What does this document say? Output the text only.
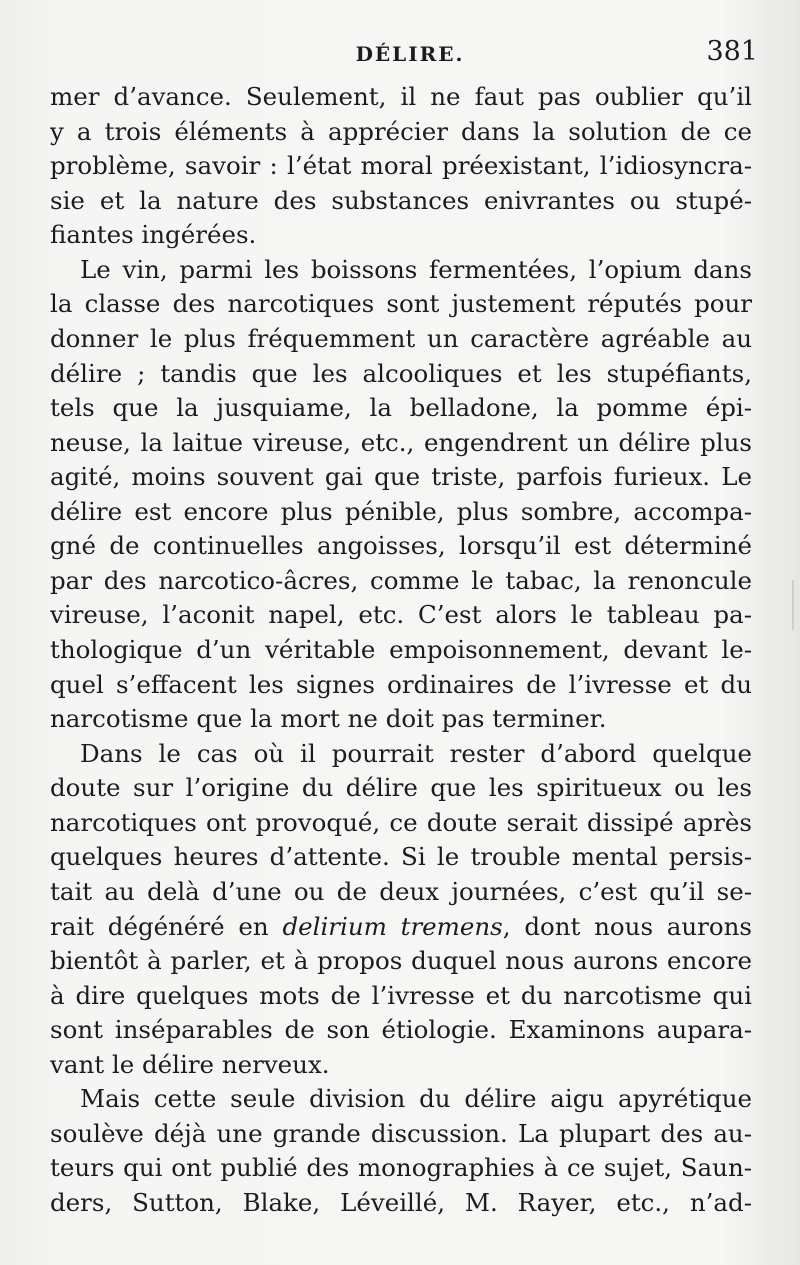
DÉLIRE.	381
mer d’avance. Seulement, il ne faut pas oublier qu’il
y a trois éléments à apprécier dans la solution de ce
problème, savoir : l’état moral préexistant, l’idiosyncra-
sie et la nature des substances enivrantes ou stupé-
fiantes ingérées.
Le vin, parmi les boissons fermentées, l’opium dans
la classe des narcotiques sont justement réputés pour
donner le plus fréquemment un caractère agréable au
délire ; tandis que les alcooliques et les stupéfiants,
tels que la jusquiame, la belladone, la pomme épi-
neuse, la laitue vireuse, etc., engendrent un délire plus
agité, moins souvent gai que triste, parfois furieux. Le
délire est encore plus pénible, plus sombre, accompa-
gné de continuelles angoisses, lorsqu’il est déterminé
par des narcotico-âcres, comme le tabac, la renoncule
vireuse, l’aconit napel, etc. C’est alors le tableau pa-
thologique d’un véritable empoisonnement, devant le-
quel s’effacent les signes ordinaires de l’ivresse et du
narcotisme que la mort ne doit pas terminer.
Dans le cas où il pourrait rester d’abord quelque
doute sur l’origine du délire que les spiritueux ou les
narcotiques ont provoqué, ce doute serait dissipé après
quelques heures d’attente. Si le trouble mental persis-
tait au delà d’une ou de deux journées, c’est qu’il se-
rait dégénéré en delirium tremens, dont nous aurons
bientôt à parler, et à propos duquel nous aurons encore
à dire quelques mots de l’ivresse et du narcotisme qui
sont inséparables de son étiologie. Examinons aupara-
vant le délire nerveux.
Mais cette seule division du délire aigu apyrétique
soulève déjà une grande discussion. La plupart des au-
teurs qui ont publié des monographies à ce sujet, Saun-
ders, Sutton, Blake, Léveillé, M. Rayer, etc., n’ad-
